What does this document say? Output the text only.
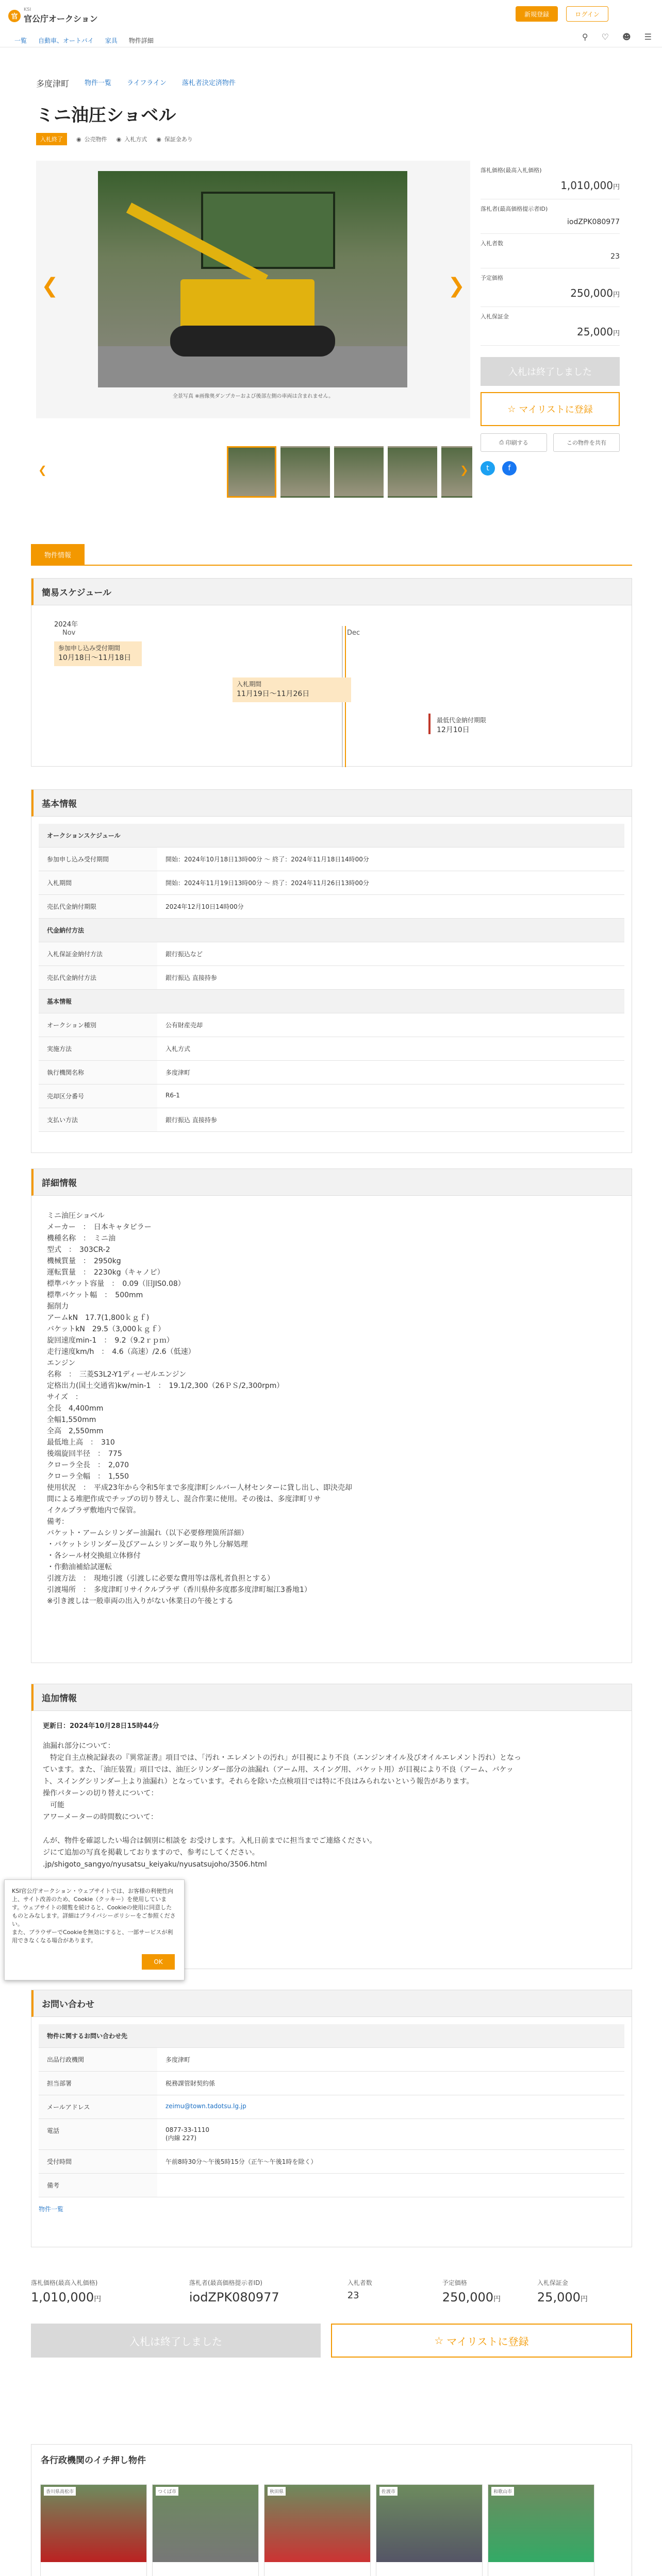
官
KSI
官公庁オークション	新規登録	ログイン
一覧 自動車、オートバイ 家具 物件詳細	⚲ ♡ ☻ ☰
多度津町 物件一覧 ライフライン 落札者決定済物件
ミニ油圧ショベル
入札終了	◉ 公売物件 ◉ 入札方式 ◉ 保証金あり
❮	❯
全景写真 ※画像奥ダンプカーおよび後部左側の車両は含まれません。
❮	❯
落札価格(最高入札価格)
1,010,000円
落札者(最高価格提示者ID)
iodZPK080977
入札者数
23
予定価格
250,000円
入札保証金
25,000円
入札は終了しました
☆ マイリストに登録
⎙ 印刷する	この物件を共有
t	f
物件情報
簡易スケジュール
2024年
Nov	Dec
参加申し込み受付期間
10月18日～11月18日
入札期間
11月19日～11月26日
最低代金納付期限
12月10日
基本情報
オークションスケジュール	
参加申し込み受付期間	開始：2024年10月18日13時00分 ～ 終了：2024年11月18日14時00分
入札期間	開始：2024年11月19日13時00分 ～ 終了：2024年11月26日13時00分
売払代金納付期限	2024年12月10日14時00分
代金納付方法	
入札保証金納付方法	銀行振込など
売払代金納付方法	銀行振込 直接持参
基本情報	
オークション種別	公有財産売却
実施方法	入札方式
執行機関名称	多度津町
売却区分番号	R6-1
支払い方法	銀行振込 直接持参
詳細情報
ミニ油圧ショベル
メーカー　：　日本キャタピラー
機種名称　：　ミニ油
型式　：　303CR-2
機械質量　：　2950kg
運転質量　：　2230kg（キャノピ）
標準バケット容量　：　0.09（旧JIS0.08）
標準バケット幅　：　500mm
掘削力
アームkN　17.7(1,800ｋｇｆ)
バケットkN　29.5（3,000ｋｇｆ）
旋回速度min-1　：　9.2（9.2ｒｐｍ）
走行速度km/h　：　4.6（高速）/2.6（低速）
エンジン
名称　：　三菱S3L2-Y1ディーゼルエンジン
定格出力(国土交通省)kw/min-1　：　19.1/2,300（26ＰＳ/2,300rpm）
サイズ　：
全長　4,400mm
全幅1,550mm
全高　2,550mm
最低地上高　：　310
後端旋回半径　：　775
クローラ全長　：　2,070
クローラ全幅　：　1,550
使用状況　：　平成23年から令和5年まで多度津町シルバー人材センターに貸し出し、即決売却
間による堆肥作成でチップの切り替えし、混合作業に使用。その後は、多度津町リサ
イクルプラザ敷地内で保管。
備考：
バケット・アームシリンダー油漏れ（以下必要修理箇所詳細）
・バケットシリンダー及びアームシリンダー取り外し分解処理
・各シール材交換組立体修付
・作動油補給試運転
引渡方法　：　現地引渡（引渡しに必要な費用等は落札者負担とする）
引渡場所　：　多度津町リサイクルプラザ（香川県仲多度郡多度津町堀江3番地1）
※引き渡しは一般車両の出入りがない休業日の午後とする
追加情報
更新日：2024年10月28日15時44分
油漏れ部分について：
　特定自主点検記録表の『異常証書』項目では、「汚れ・エレメントの汚れ」が目視により不良（エンジンオイル及びオイルエレメント汚れ）となっ
ています。また、「油圧装置」項目では、油圧シリンダー部分の油漏れ（アーム用、スイング用、バケット用）が目視により不良（アーム、バケッ
ト、スイングシリンダー上より油漏れ）となっています。それらを除いた点検項目では特に不良はみられないという報告があります。
操作パターンの切り替えについて：
　可能
アワーメーターの時間数について：

んが、物件を確認したい場合は個別に相談を お受けします。入札日前までに担当までご連絡ください。
ジにて追加の写真を掲載しておりますので、参考にしてください。
.jp/shigoto_sangyo/nyusatsu_keiyaku/nyusatsujoho/3506.html
KSI官公庁オークション・ウェブサイトでは、お客様の利便性向上、サイト改善のため、Cookie（クッキー）を使用しています。ウェブサイトの閲覧を続けると、Cookieの使用に同意したものとみなします。詳細はプライバシーポリシーをご参照ください。
また、ブラウザーでCookieを無効にすると、一部サービスが利用できなくなる場合があります。
OK
お問い合わせ
物件に関するお問い合わせ先	
出品行政機関	多度津町
担当部署	税務課管財契約係
メールアドレス	zeimu@town.tadotsu.lg.jp
電話	0877-33-1110
(内線 227)
受付時間	午前8時30分～午後5時15分（正午～午後1時を除く）
備考	
物件一覧
落札価格(最高入札価格)
1,010,000円
落札者(最高価格提示者ID)
iodZPK080977
入札者数
23
予定価格
250,000円
入札保証金
25,000円
入札は終了しました	☆ マイリストに登録
各行政機関のイチ押し物件
香川県高松市	つくば市	秋田県	佐渡市	和歌山市
